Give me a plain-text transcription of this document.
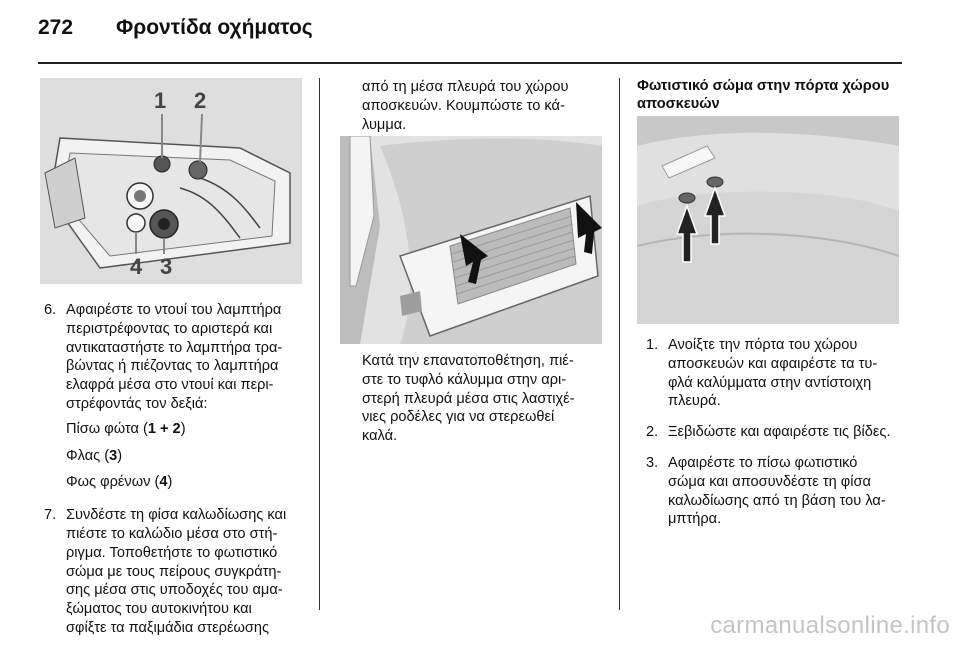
272 Φροντίδα οχήματος
1 2
4 3
6. Αφαιρέστε το ντουί του λαμπτήρα
περιστρέφοντας το αριστερά και
αντικαταστήστε το λαμπτήρα τρα-
βώντας ή πιέζοντας το λαμπτήρα
ελαφρά μέσα στο ντουί και περι-
στρέφοντάς τον δεξιά:

Πίσω φώτα (1 + 2)

Φλας (3)

Φως φρένων (4)

7. Συνδέστε τη φίσα καλωδίωσης και
πιέστε το καλώδιο μέσα στο στή-
ριγμα. Τοποθετήστε το φωτιστικό
σώμα με τους πείρους συγκράτη-
σης μέσα στις υποδοχές του αμα-
ξώματος του αυτοκινήτου και
σφίξτε τα παξιμάδια στερέωσης

από τη μέσα πλευρά του χώρου

αποσκευών. Κουμπώστε το κά-

λυμμα.

Κατά την επανατοποθέτηση, πιέ-

στε το τυφλό κάλυμμα στην αρι-

στερή πλευρά μέσα στις λαστιχέ-

νιες ροδέλες για να στερεωθεί

καλά.

Φωτιστικό σώμα στην πόρτα χώρου αποσκευών
1. Ανοίξτε την πόρτα του χώρου
αποσκευών και αφαιρέστε τα τυ-
φλά καλύμματα στην αντίστοιχη
πλευρά.

2. Ξεβιδώστε και αφαιρέστε τις βίδες.

3. Αφαιρέστε το πίσω φωτιστικό
σώμα και αποσυνδέστε τη φίσα
καλωδίωσης από τη βάση του λα-
μπτήρα.

carmanualsonline.info
